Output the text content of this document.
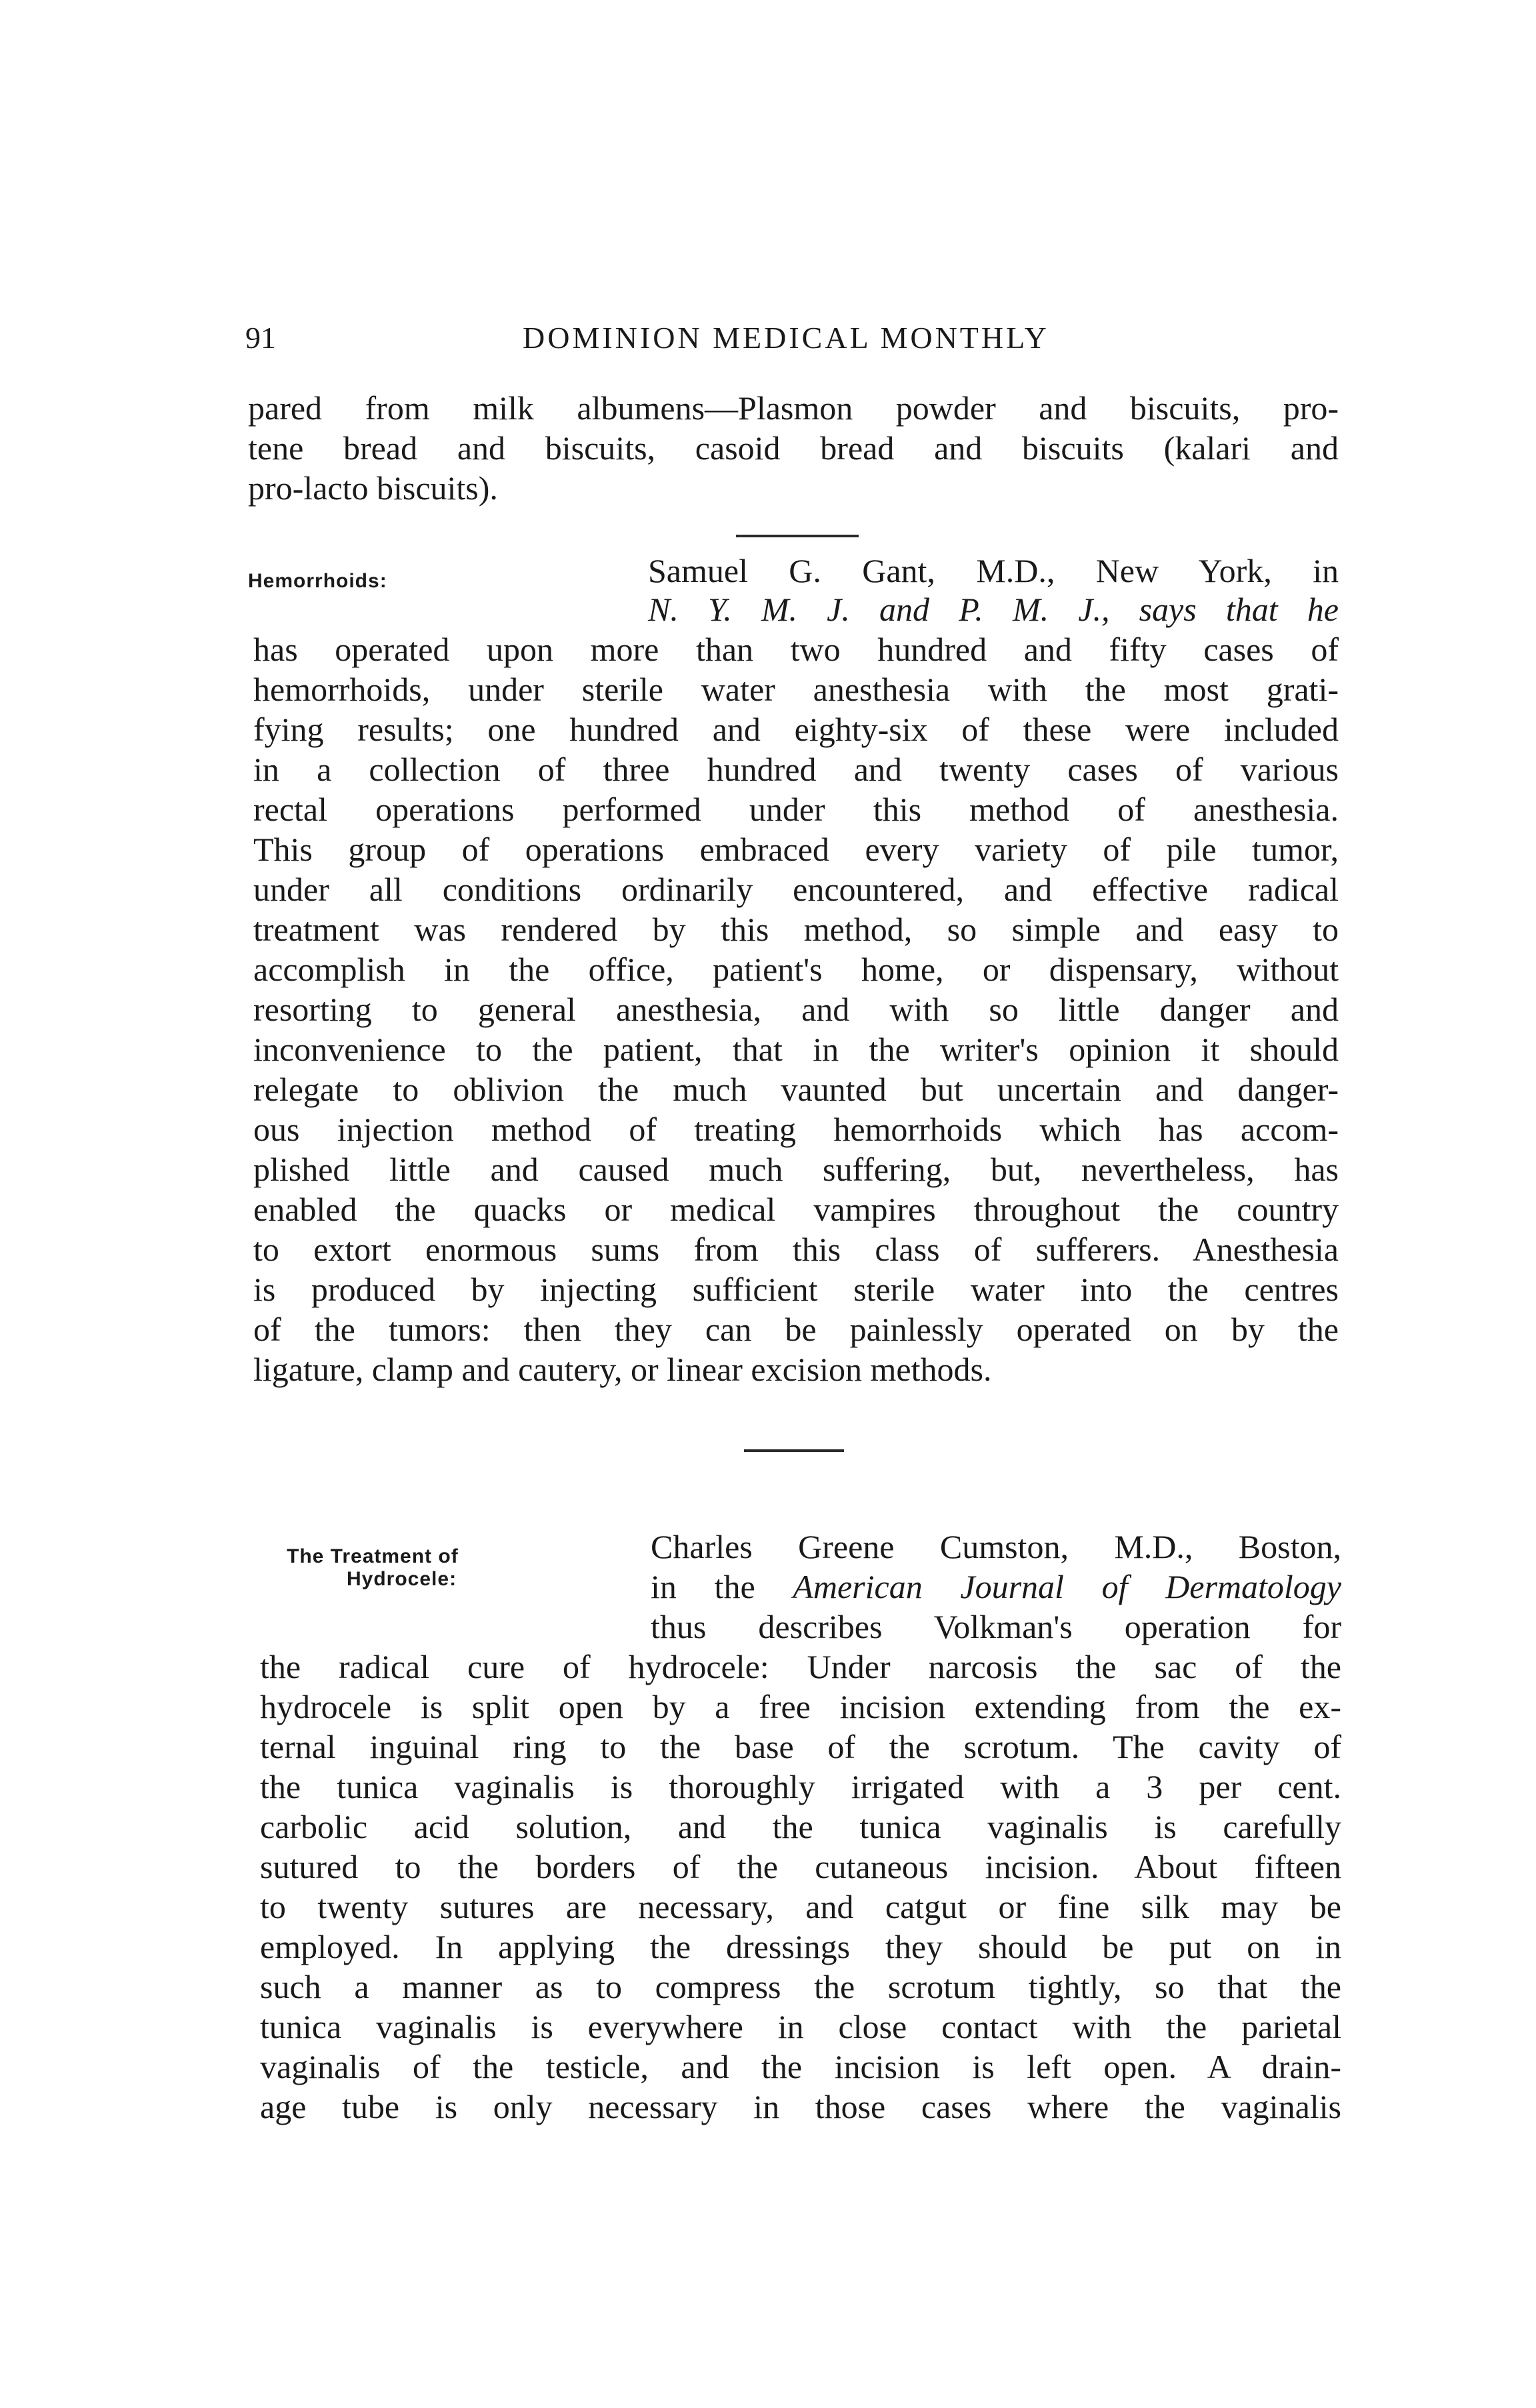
91	DOMINION MEDICAL MONTHLY
pared from milk albumens—Plasmon powder and biscuits, pro-
tene bread and biscuits, casoid bread and biscuits (kalari and
pro-lacto biscuits).
Hemorrhoids:	Samuel G. Gant, M.D., New York, in
N. Y. M. J. and P. M. J., says that he
has operated upon more than two hundred and fifty cases of
hemorrhoids, under sterile water anesthesia with the most grati-
fying results; one hundred and eighty-six of these were included
in a collection of three hundred and twenty cases of various
rectal operations performed under this method of anesthesia.
This group of operations embraced every variety of pile tumor,
under all conditions ordinarily encountered, and effective radical
treatment was rendered by this method, so simple and easy to
accomplish in the office, patient's home, or dispensary, without
resorting to general anesthesia, and with so little danger and
inconvenience to the patient, that in the writer's opinion it should
relegate to oblivion the much vaunted but uncertain and danger-
ous injection method of treating hemorrhoids which has accom-
plished little and caused much suffering, but, nevertheless, has
enabled the quacks or medical vampires throughout the country
to extort enormous sums from this class of sufferers. Anesthesia
is produced by injecting sufficient sterile water into the centres
of the tumors: then they can be painlessly operated on by the
ligature, clamp and cautery, or linear excision methods.
The Treatment of
Hydrocele:
Charles Greene Cumston, M.D., Boston,
in the American Journal of Dermatology
thus describes Volkman's operation for
the radical cure of hydrocele: Under narcosis the sac of the
hydrocele is split open by a free incision extending from the ex-
ternal inguinal ring to the base of the scrotum. The cavity of
the tunica vaginalis is thoroughly irrigated with a 3 per cent.
carbolic acid solution, and the tunica vaginalis is carefully
sutured to the borders of the cutaneous incision. About fifteen
to twenty sutures are necessary, and catgut or fine silk may be
employed. In applying the dressings they should be put on in
such a manner as to compress the scrotum tightly, so that the
tunica vaginalis is everywhere in close contact with the parietal
vaginalis of the testicle, and the incision is left open. A drain-
age tube is only necessary in those cases where the vaginalis
